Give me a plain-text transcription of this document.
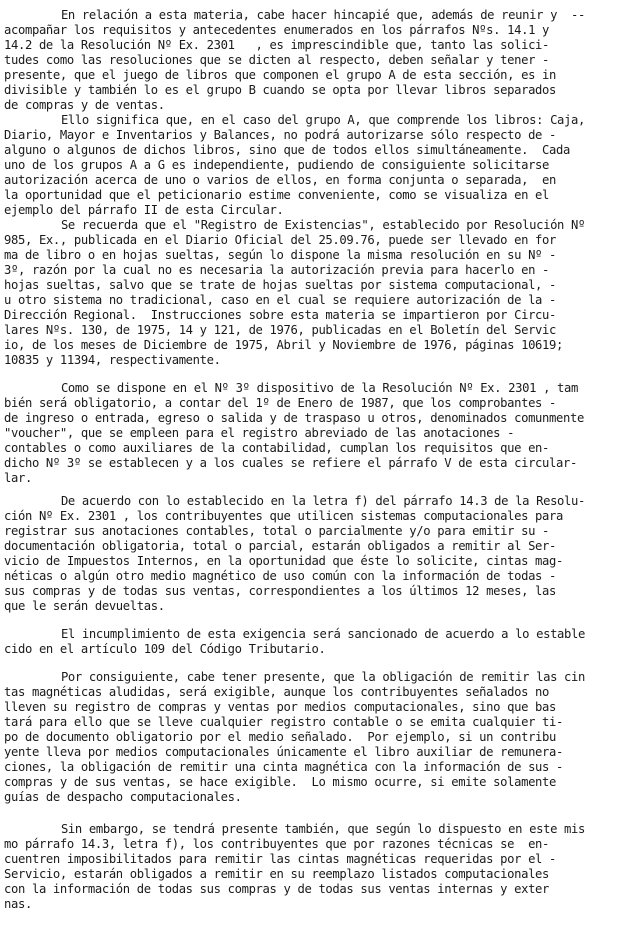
En relación a esta materia, cabe hacer hincapié que, además de reunir y  --
acompañar los requisitos y antecedentes enumerados en los párrafos Nºs. 14.1 y
14.2 de la Resolución Nº Ex. 2301   , es imprescindible que, tanto las solici-
tudes como las resoluciones que se dicten al respecto, deben señalar y tener -
presente, que el juego de libros que componen el grupo A de esta sección, es in
divisible y también lo es el grupo B cuando se opta por llevar libros separados
de compras y de ventas.
Ello significa que, en el caso del grupo A, que comprende los libros: Caja,
Diario, Mayor e Inventarios y Balances, no podrá autorizarse sólo respecto de -
alguno o algunos de dichos libros, sino que de todos ellos simultáneamente.  Cada
uno de los grupos A a G es independiente, pudiendo de consiguiente solicitarse
autorización acerca de uno o varios de ellos, en forma conjunta o separada,  en
la oportunidad que el peticionario estime conveniente, como se visualiza en el
ejemplo del párrafo II de esta Circular.
Se recuerda que el "Registro de Existencias", establecido por Resolución Nº
985, Ex., publicada en el Diario Oficial del 25.09.76, puede ser llevado en for
ma de libro o en hojas sueltas, según lo dispone la misma resolución en su Nº -
3º, razón por la cual no es necesaria la autorización previa para hacerlo en -
hojas sueltas, salvo que se trate de hojas sueltas por sistema computacional, -
u otro sistema no tradicional, caso en el cual se requiere autorización de la -
Dirección Regional.  Instrucciones sobre esta materia se impartieron por Circu-
lares Nºs. 130, de 1975, 14 y 121, de 1976, publicadas en el Boletín del Servic
io, de los meses de Diciembre de 1975, Abril y Noviembre de 1976, páginas 10619;
10835 y 11394, respectivamente.
Como se dispone en el Nº 3º dispositivo de la Resolución Nº Ex. 2301 , tam
bién será obligatorio, a contar del 1º de Enero de 1987, que los comprobantes -
de ingreso o entrada, egreso o salida y de traspaso u otros, denominados comunmente
"voucher", que se empleen para el registro abreviado de las anotaciones -
contables o como auxiliares de la contabilidad, cumplan los requisitos que en-
dicho Nº 3º se establecen y a los cuales se refiere el párrafo V de esta circular-
lar.
De acuerdo con lo establecido en la letra f) del párrafo 14.3 de la Resolu-
ción Nº Ex. 2301 , los contribuyentes que utilicen sistemas computacionales para
registrar sus anotaciones contables, total o parcialmente y/o para emitir su -
documentación obligatoria, total o parcial, estarán obligados a remitir al Ser-
vicio de Impuestos Internos, en la oportunidad que éste lo solicite, cintas mag-
néticas o algún otro medio magnético de uso común con la información de todas -
sus compras y de todas sus ventas, correspondientes a los últimos 12 meses, las
que le serán devueltas.
El incumplimiento de esta exigencia será sancionado de acuerdo a lo estable
cido en el artículo 109 del Código Tributario.
Por consiguiente, cabe tener presente, que la obligación de remitir las cin
tas magnéticas aludidas, será exigible, aunque los contribuyentes señalados no
lleven su registro de compras y ventas por medios computacionales, sino que bas
tará para ello que se lleve cualquier registro contable o se emita cualquier ti-
po de documento obligatorio por el medio señalado.  Por ejemplo, si un contribu
yente lleva por medios computacionales únicamente el libro auxiliar de remunera-
ciones, la obligación de remitir una cinta magnética con la información de sus -
compras y de sus ventas, se hace exigible.  Lo mismo ocurre, si emite solamente
guías de despacho computacionales.
Sin embargo, se tendrá presente también, que según lo dispuesto en este mis
mo párrafo 14.3, letra f), los contribuyentes que por razones técnicas se  en-
cuentren imposibilitados para remitir las cintas magnéticas requeridas por el -
Servicio, estarán obligados a remitir en su reemplazo listados computacionales
con la información de todas sus compras y de todas sus ventas internas y exter
nas.
